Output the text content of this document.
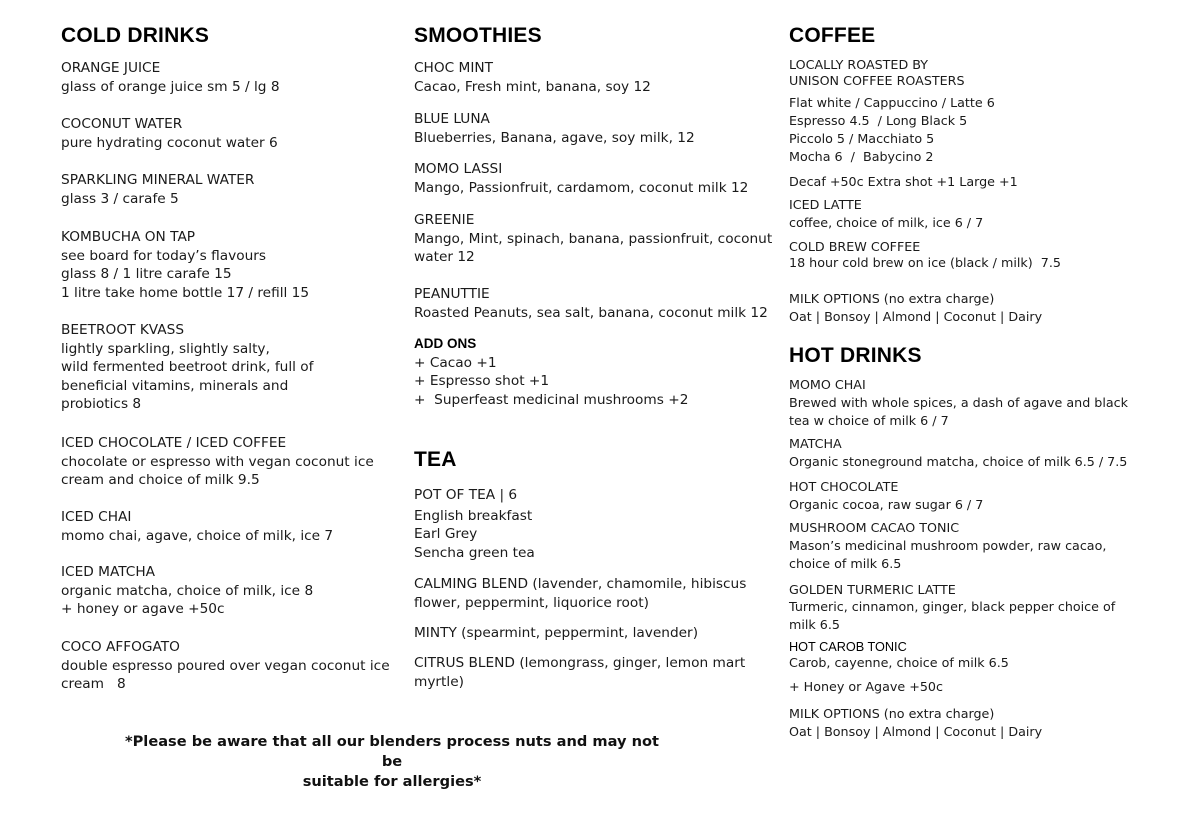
COLD DRINKS
ORANGE JUICE
glass of orange juice sm 5 / lg 8
COCONUT WATER
pure hydrating coconut water 6
SPARKLING MINERAL WATER
glass 3 / carafe 5
KOMBUCHA ON TAP
see board for today’s flavours
glass 8 / 1 litre carafe 15
1 litre take home bottle 17 / refill 15
BEETROOT KVASS
lightly sparkling, slightly salty,
wild fermented beetroot drink, full of
beneficial vitamins, minerals and
probiotics 8
ICED CHOCOLATE / ICED COFFEE
chocolate or espresso with vegan coconut ice
cream and choice of milk 9.5
ICED CHAI
momo chai, agave, choice of milk, ice 7
ICED MATCHA
organic matcha, choice of milk, ice 8
+ honey or agave +50c
COCO AFFOGATO
double espresso poured over vegan coconut ice
cream   8
SMOOTHIES
CHOC MINT
Cacao, Fresh mint, banana, soy 12
BLUE LUNA
Blueberries, Banana, agave, soy milk, 12
MOMO LASSI
Mango, Passionfruit, cardamom, coconut milk 12
GREENIE
Mango, Mint, spinach, banana, passionfruit, coconut
water 12
PEANUTTIE
Roasted Peanuts, sea salt, banana, coconut milk 12
ADD ONS
+ Cacao +1
+ Espresso shot +1
+  Superfeast medicinal mushrooms +2
TEA
POT OF TEA | 6
English breakfast
Earl Grey
Sencha green tea
CALMING BLEND (lavender, chamomile, hibiscus
flower, peppermint, liquorice root)
MINTY (spearmint, peppermint, lavender)
CITRUS BLEND (lemongrass, ginger, lemon mart
myrtle)
COFFEE
LOCALLY ROASTED BY
UNISON COFFEE ROASTERS
Flat white / Cappuccino / Latte 6
Espresso 4.5  / Long Black 5
Piccolo 5 / Macchiato 5
Mocha 6  /  Babycino 2
Decaf +50c Extra shot +1 Large +1
ICED LATTE
coffee, choice of milk, ice 6 / 7
COLD BREW COFFEE
18 hour cold brew on ice (black / milk)  7.5
MILK OPTIONS (no extra charge)
Oat | Bonsoy | Almond | Coconut | Dairy
HOT DRINKS
MOMO CHAI
Brewed with whole spices, a dash of agave and black
tea w choice of milk 6 / 7
MATCHA
Organic stoneground matcha, choice of milk 6.5 / 7.5
HOT CHOCOLATE
Organic cocoa, raw sugar 6 / 7
MUSHROOM CACAO TONIC
Mason’s medicinal mushroom powder, raw cacao,
choice of milk 6.5
GOLDEN TURMERIC LATTE
Turmeric, cinnamon, ginger, black pepper choice of
milk 6.5
HOT CAROB TONIC
Carob, cayenne, choice of milk 6.5
+ Honey or Agave +50c
MILK OPTIONS (no extra charge)
Oat | Bonsoy | Almond | Coconut | Dairy
*Please be aware that all our blenders process nuts and may not be
suitable for allergies*
